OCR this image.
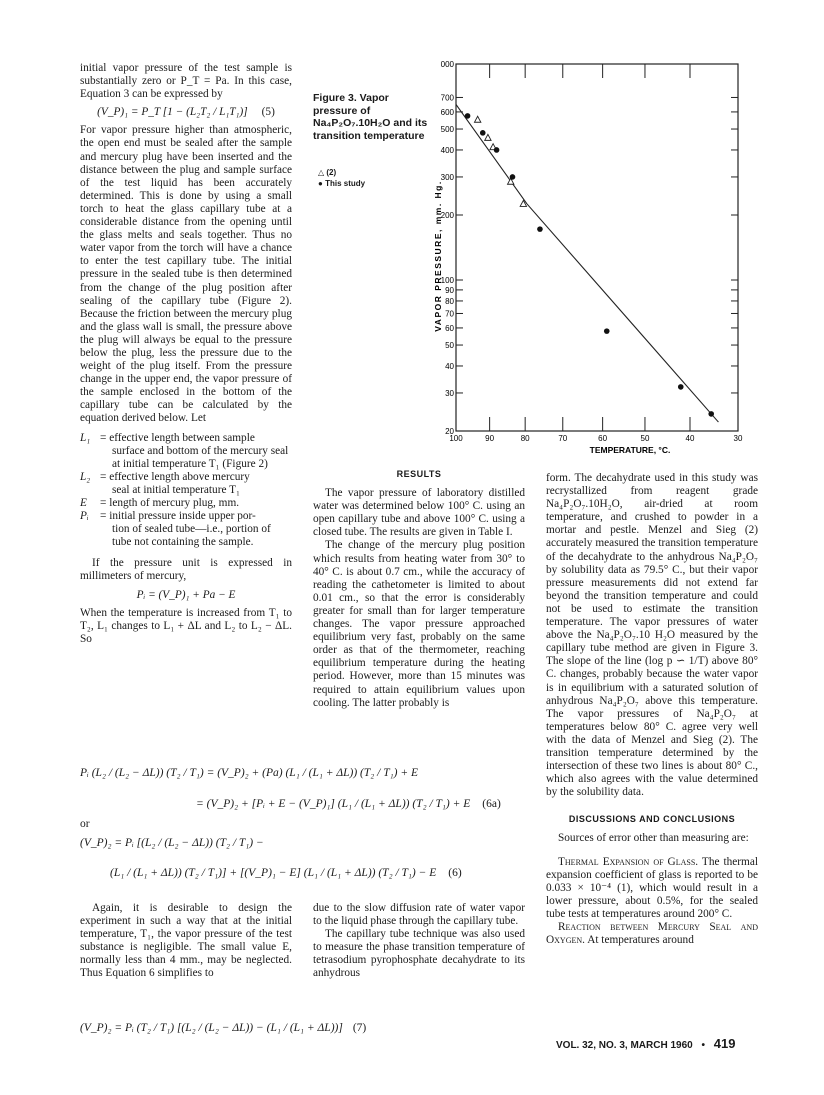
initial vapor pressure of the test sample is substantially zero or P_T = Pa. In this case, Equation 3 can be expressed by

(V_P)₁ = P_T [1 − (L₂T₂ / L₁T₁)] (5)

For vapor pressure higher than atmospheric, the open end must be sealed after the sample and mercury plug have been inserted and the distance between the plug and sample surface of the test liquid has been accurately determined. This is done by using a small torch to heat the glass capillary tube at a considerable distance from the opening until the glass melts and seals together. Thus no water vapor from the torch will have a chance to enter the test capillary tube. The initial pressure in the sealed tube is then determined from the change of the plug position after sealing of the capillary tube (Figure 2). Because the friction between the mercury plug and the glass wall is small, the pressure above the plug will always be equal to the pressure below the plug, less the pressure due to the weight of the plug itself. From the pressure change in the upper end, the vapor pressure of the sample enclosed in the bottom of the capillary tube can be calculated by the equation derived below. Let

L₁ = effective length between sample
surface and bottom of the mercury seal at initial temperature T₁ (Figure 2)
L₂ = effective length above mercury
seal at initial temperature T₁
E	= length of mercury plug, mm.
Pᵢ = initial pressure inside upper por-
tion of sealed tube—i.e., portion of tube not containing the sample.

If the pressure unit is expressed in millimeters of mercury,

Pᵢ = (V_P)₁ + Pa − E

When the temperature is increased from T₁ to T₂, L₁ changes to L₁ + ΔL and L₂ to L₂ − ΔL. So

Figure 3. Vapor pressure of Na₄P₂O₇.10H₂O and its transition temperature
△ (2)
● This study
20
30
40
50
60
70
80
90
100
200
300
400
500
600
700
000
100	90	80	70	60	50	40	30
VAPOR PRESSURE, mm. Hg.
TEMPERATURE, °C.
RESULTS

The vapor pressure of laboratory distilled water was determined below 100° C. using an open capillary tube and above 100° C. using a closed tube. The results are given in Table I.

The change of the mercury plug position which results from heating water from 30° to 40° C. is about 0.7 cm., while the accuracy of reading the cathetometer is limited to about 0.01 cm., so that the error is considerably greater for small than for larger temperature changes. The vapor pressure approached equilibrium very fast, probably on the same order as that of the thermometer, reaching equilibrium temperature during the heating period. However, more than 15 minutes was required to attain equilibrium values upon cooling. The latter probably is

form. The decahydrate used in this study was recrystallized from reagent grade Na₄P₂O₇.10H₂O, air-dried at room temperature, and crushed to powder in a mortar and pestle. Menzel and Sieg (2) accurately measured the transition temperature of the decahydrate to the anhydrous Na₄P₂O₇ by solubility data as 79.5° C., but their vapor pressure measurements did not extend far beyond the transition temperature and could not be used to estimate the transition temperature. The vapor pressures of water above the Na₄P₂O₇.10 H₂O measured by the capillary tube method are given in Figure 3. The slope of the line (log p ∽ 1/T) above 80° C. changes, probably because the water vapor is in equilibrium with a saturated solution of anhydrous Na₄P₂O₇ above this temperature. The vapor pressures of Na₄P₂O₇ at temperatures below 80° C. agree very well with the data of Menzel and Sieg (2). The transition temperature determined by the intersection of these two lines is about 80° C., which also agrees with the value determined by the solubility data.

DISCUSSIONS AND CONCLUSIONS

Sources of error other than measuring are:

Thermal Expansion of Glass. The thermal expansion coefficient of glass is reported to be 0.033 × 10⁻⁴ (1), which would result in a lower pressure, about 0.5%, for the sealed tube tests at temperatures around 200° C.

Reaction between Mercury Seal and Oxygen. At temperatures around

Pᵢ (L₂ / (L₂ − ΔL)) (T₂ / T₁) = (V_P)₂ + (Pa) (L₁ / (L₁ + ΔL)) (T₂ / T₁) + E
= (V_P)₂ + [Pᵢ + E − (V_P)₁] (L₁ / (L₁ + ΔL)) (T₂ / T₁) + E (6a)
or
(V_P)₂ = Pᵢ [(L₂ / (L₂ − ΔL)) (T₂ / T₁) −
(L₁ / (L₁ + ΔL)) (T₂ / T₁)] + [(V_P)₁ − E] (L₁ / (L₁ + ΔL)) (T₂ / T₁) − E (6)

Again, it is desirable to design the experiment in such a way that at the initial temperature, T₁, the vapor pressure of the test substance is negligible. The small value E, normally less than 4 mm., may be neglected. Thus Equation 6 simplifies to

(V_P)₂ = Pᵢ (T₂ / T₁) [(L₂ / (L₂ − ΔL)) − (L₁ / (L₁ + ΔL))] (7)

due to the slow diffusion rate of water vapor to the liquid phase through the capillary tube.

The capillary tube technique was also used to measure the phase transition temperature of tetrasodium pyrophosphate decahydrate to its anhydrous

VOL. 32, NO. 3, MARCH 1960 • 419
